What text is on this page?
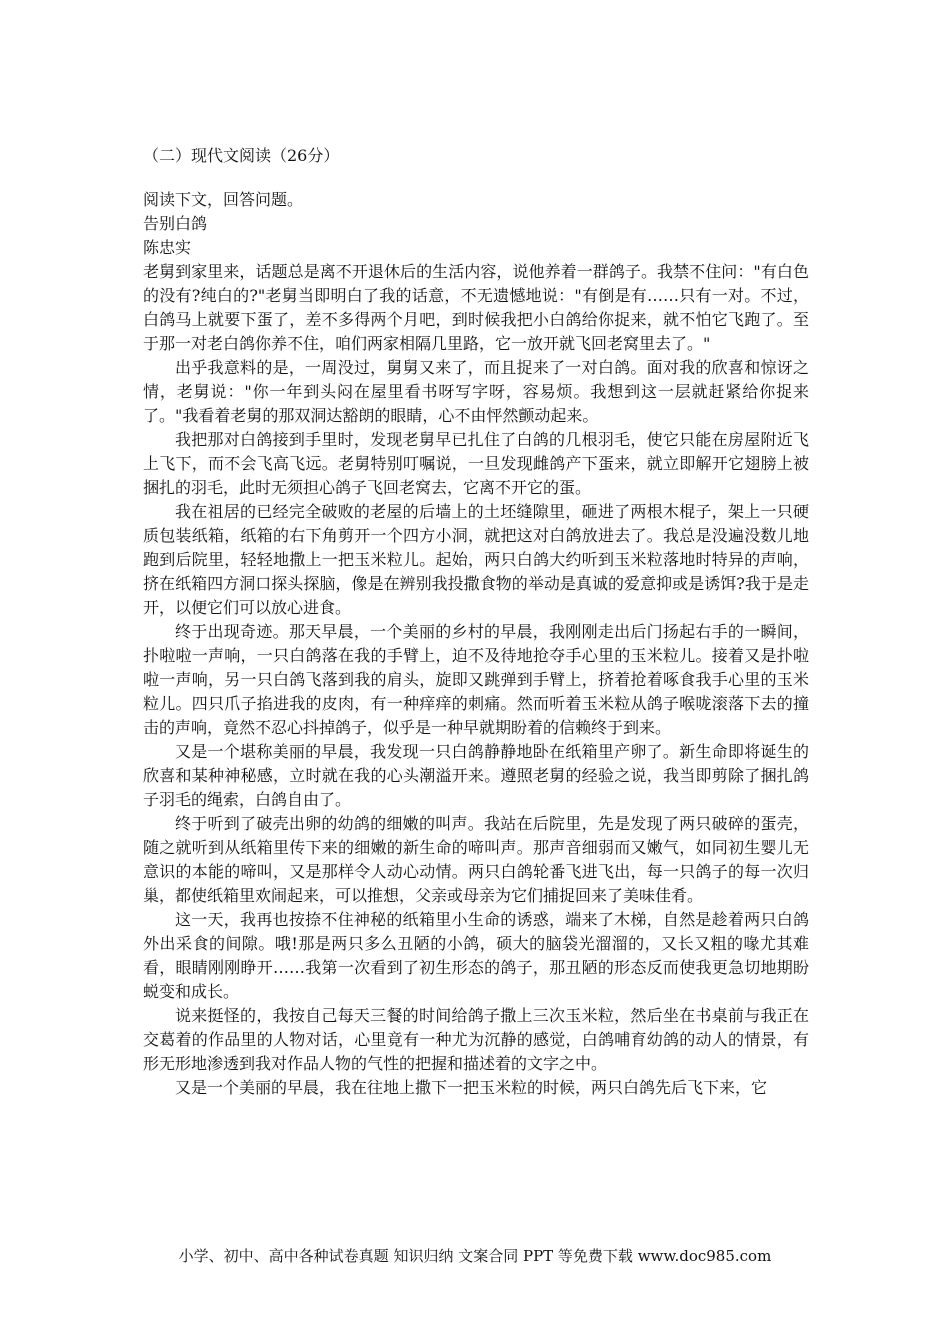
（二）现代文阅读（26分）
阅读下文，回答问题。
告别白鸽
陈忠实

老舅到家里来，话题总是离不开退休后的生活内容，说他养着一群鸽子。我禁不住问："有白色的没有?纯白的?"老舅当即明白了我的话意，不无遗憾地说："有倒是有……只有一对。不过，白鸽马上就要下蛋了，差不多得两个月吧，到时候我把小白鸽给你捉来，就不怕它飞跑了。至于那一对老白鸽你养不住，咱们两家相隔几里路，它一放开就飞回老窝里去了。"

出乎我意料的是，一周没过，舅舅又来了，而且捉来了一对白鸽。面对我的欣喜和惊讶之情，老舅说："你一年到头闷在屋里看书呀写字呀，容易烦。我想到这一层就赶紧给你捉来了。"我看着老舅的那双洞达豁朗的眼睛，心不由怦然颤动起来。

我把那对白鸽接到手里时，发现老舅早已扎住了白鸽的几根羽毛，使它只能在房屋附近飞上飞下，而不会飞高飞远。老舅特别叮嘱说，一旦发现雌鸽产下蛋来，就立即解开它翅膀上被捆扎的羽毛，此时无须担心鸽子飞回老窝去，它离不开它的蛋。

我在祖居的已经完全破败的老屋的后墙上的土坯缝隙里，砸进了两根木棍子，架上一只硬质包装纸箱，纸箱的右下角剪开一个四方小洞，就把这对白鸽放进去了。我总是没遍没数儿地跑到后院里，轻轻地撒上一把玉米粒儿。起始，两只白鸽大约听到玉米粒落地时特异的声响，挤在纸箱四方洞口探头探脑，像是在辨别我投撒食物的举动是真诚的爱意抑或是诱饵?我于是走开，以便它们可以放心进食。

终于出现奇迹。那天早晨，一个美丽的乡村的早晨，我刚刚走出后门扬起右手的一瞬间，扑啦啦一声响，一只白鸽落在我的手臂上，迫不及待地抢夺手心里的玉米粒儿。接着又是扑啦啦一声响，另一只白鸽飞落到我的肩头，旋即又跳弹到手臂上，挤着抢着啄食我手心里的玉米粒儿。四只爪子掐进我的皮肉，有一种痒痒的刺痛。然而听着玉米粒从鸽子喉咙滚落下去的撞击的声响，竟然不忍心抖掉鸽子，似乎是一种早就期盼着的信赖终于到来。

又是一个堪称美丽的早晨，我发现一只白鸽静静地卧在纸箱里产卵了。新生命即将诞生的欣喜和某种神秘感，立时就在我的心头潮溢开来。遵照老舅的经验之说，我当即剪除了捆扎鸽子羽毛的绳索，白鸽自由了。

终于听到了破壳出卵的幼鸽的细嫩的叫声。我站在后院里，先是发现了两只破碎的蛋壳，随之就听到从纸箱里传下来的细嫩的新生命的啼叫声。那声音细弱而又嫩气，如同初生婴儿无意识的本能的啼叫，又是那样令人动心动情。两只白鸽轮番飞进飞出，每一只鸽子的每一次归巢，都使纸箱里欢闹起来，可以推想，父亲或母亲为它们捕捉回来了美味佳肴。

这一天，我再也按捺不住神秘的纸箱里小生命的诱惑，端来了木梯，自然是趁着两只白鸽外出采食的间隙。哦!那是两只多么丑陋的小鸽，硕大的脑袋光溜溜的，又长又粗的喙尤其难看，眼睛刚刚睁开……我第一次看到了初生形态的鸽子，那丑陋的形态反而使我更急切地期盼蜕变和成长。

说来挺怪的，我按自己每天三餐的时间给鸽子撒上三次玉米粒，然后坐在书桌前与我正在交葛着的作品里的人物对话，心里竟有一种尤为沉静的感觉，白鸽哺育幼鸽的动人的情景，有形无形地渗透到我对作品人物的气性的把握和描述着的文字之中。

又是一个美丽的早晨，我在往地上撒下一把玉米粒的时候，两只白鸽先后飞下来，它

小学、初中、高中各种试卷真题 知识归纳 文案合同 PPT 等免费下载 www.doc985.com
